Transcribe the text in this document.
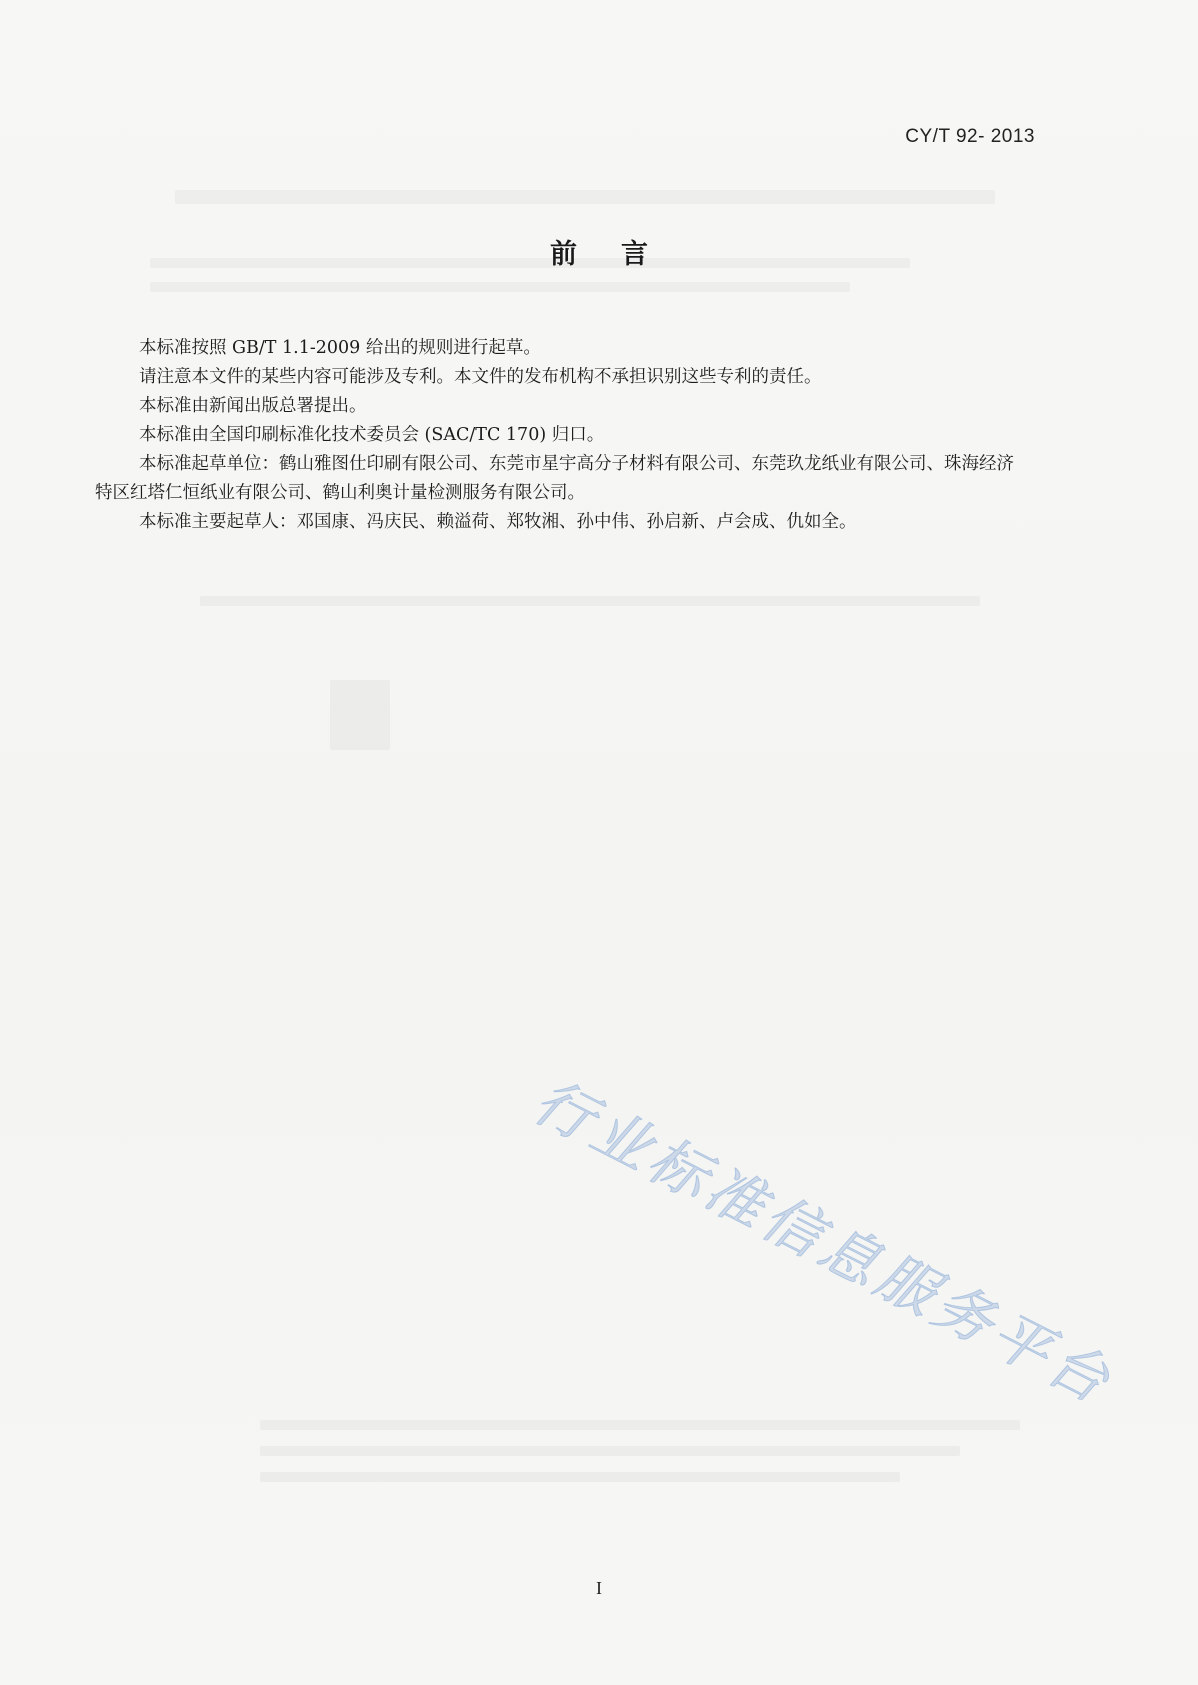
CY/T 92- 2013
前言

本标准按照 GB/T 1.1-2009 给出的规则进行起草。

请注意本文件的某些内容可能涉及专利。本文件的发布机构不承担识别这些专利的责任。

本标准由新闻出版总署提出。

本标准由全国印刷标准化技术委员会 (SAC/TC 170) 归口。

本标准起草单位：鹤山雅图仕印刷有限公司、东莞市星宇高分子材料有限公司、东莞玖龙纸业有限公司、珠海经济特区红塔仁恒纸业有限公司、鹤山利奥计量检测服务有限公司。

本标准主要起草人：邓国康、冯庆民、赖溢荷、郑牧湘、孙中伟、孙启新、卢会成、仇如全。

行业标准信息服务平台
I
